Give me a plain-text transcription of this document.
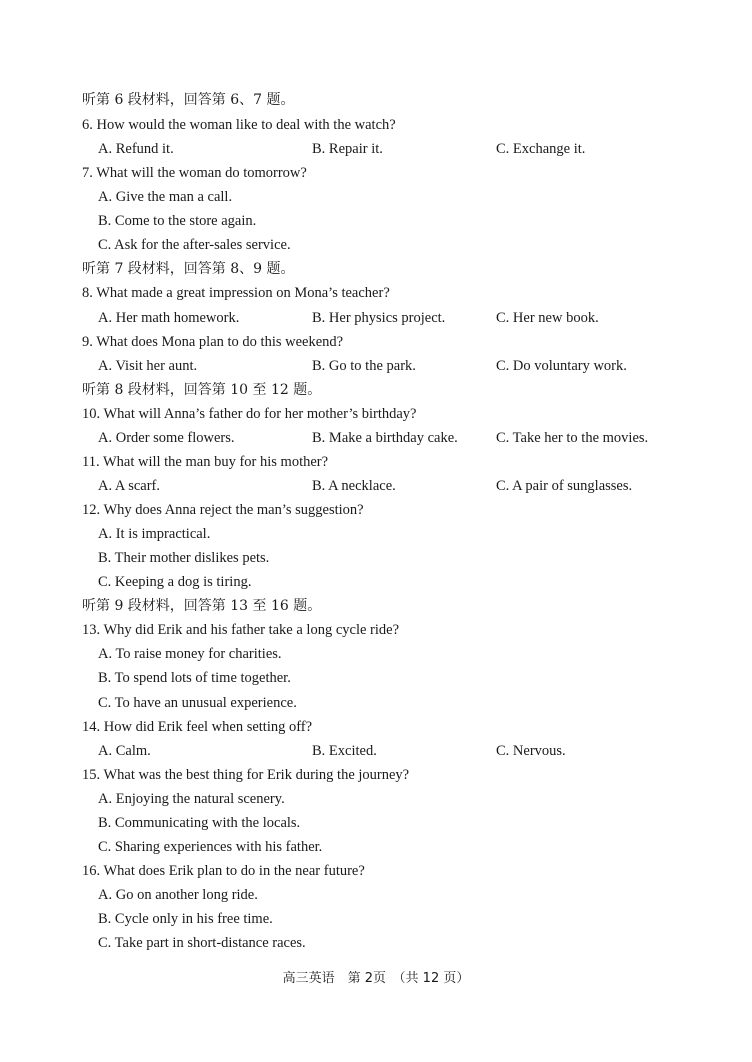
听第 6 段材料，回答第 6、7 题。
6. How would the woman like to deal with the watch?
A. Refund it.	B. Repair it.	C. Exchange it.
7. What will the woman do tomorrow?
A. Give the man a call.
B. Come to the store again.
C. Ask for the after-sales service.
听第 7 段材料，回答第 8、9 题。
8. What made a great impression on Mona’s teacher?
A. Her math homework.	B. Her physics project.	C. Her new book.
9. What does Mona plan to do this weekend?
A. Visit her aunt.	B. Go to the park.	C. Do voluntary work.
听第 8 段材料，回答第 10 至 12 题。
10. What will Anna’s father do for her mother’s birthday?
A. Order some flowers.	B. Make a birthday cake.	C. Take her to the movies.
11. What will the man buy for his mother?
A. A scarf.	B. A necklace.	C. A pair of sunglasses.
12. Why does Anna reject the man’s suggestion?
A. It is impractical.
B. Their mother dislikes pets.
C. Keeping a dog is tiring.
听第 9 段材料，回答第 13 至 16 题。
13. Why did Erik and his father take a long cycle ride?
A. To raise money for charities.
B. To spend lots of time together.
C. To have an unusual experience.
14. How did Erik feel when setting off?
A. Calm.	B. Excited.	C. Nervous.
15. What was the best thing for Erik during the journey?
A. Enjoying the natural scenery.
B. Communicating with the locals.
C. Sharing experiences with his father.
16. What does Erik plan to do in the near future?
A. Go on another long ride.
B. Cycle only in his free time.
C. Take part in short-distance races.
高三英语　第 2页　（共 12 页）
